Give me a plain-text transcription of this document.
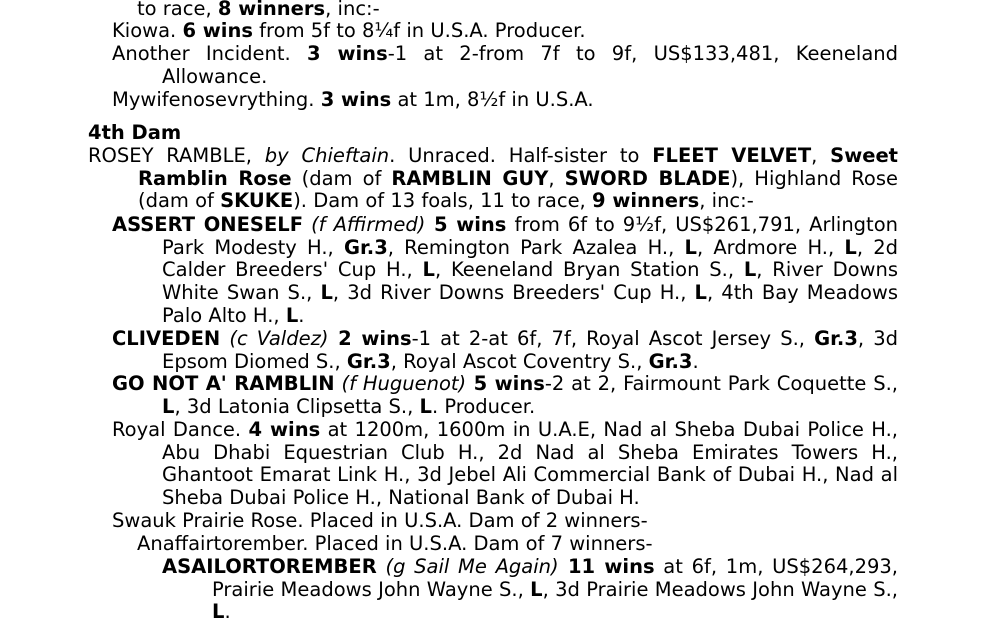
to race, 8 winners, inc:-
Kiowa. 6 wins from 5f to 8¼f in U.S.A. Producer.
Another Incident. 3 wins-1 at 2-from 7f to 9f, US$133,481, Keeneland Allowance.
Mywifenosevrything. 3 wins at 1m, 8½f in U.S.A.
4th Dam
ROSEY RAMBLE, by Chieftain. Unraced. Half-sister to FLEET VELVET, Sweet Ramblin Rose (dam of RAMBLIN GUY, SWORD BLADE), Highland Rose (dam of SKUKE). Dam of 13 foals, 11 to race, 9 winners, inc:-
ASSERT ONESELF (f Affirmed) 5 wins from 6f to 9½f, US$261,791, Arlington Park Modesty H., Gr.3, Remington Park Azalea H., L, Ardmore H., L, 2d Calder Breeders' Cup H., L, Keeneland Bryan Station S., L, River Downs White Swan S., L, 3d River Downs Breeders' Cup H., L, 4th Bay Meadows Palo Alto H., L.
CLIVEDEN (c Valdez) 2 wins-1 at 2-at 6f, 7f, Royal Ascot Jersey S., Gr.3, 3d Epsom Diomed S., Gr.3, Royal Ascot Coventry S., Gr.3.
GO NOT A' RAMBLIN (f Huguenot) 5 wins-2 at 2, Fairmount Park Coquette S., L, 3d Latonia Clipsetta S., L. Producer.
Royal Dance. 4 wins at 1200m, 1600m in U.A.E, Nad al Sheba Dubai Police H., Abu Dhabi Equestrian Club H., 2d Nad al Sheba Emirates Towers H., Ghantoot Emarat Link H., 3d Jebel Ali Commercial Bank of Dubai H., Nad al Sheba Dubai Police H., National Bank of Dubai H.
Swauk Prairie Rose. Placed in U.S.A. Dam of 2 winners-
Anaffairtorember. Placed in U.S.A. Dam of 7 winners-
ASAILORTOREMBER (g Sail Me Again) 11 wins at 6f, 1m, US$264,293, Prairie Meadows John Wayne S., L, 3d Prairie Meadows John Wayne S., L.
